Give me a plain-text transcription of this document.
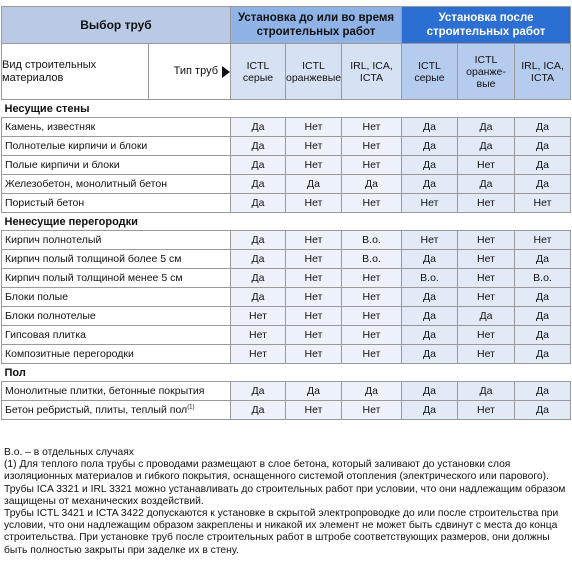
Выбор труб		Установка до или во время строительных работ			Установка после строительных работ		
Вид строительных материалов	Тип труб	ICTL серые	ICTL оранжевые	IRL, ICA, ICTA	ICTL серые	ICTL оранже-вые	IRL, ICA, ICTA
Несущие стены							
Камень, известняк		Да	Нет	Нет	Да	Да	Да
Полнотелые кирпичи и блоки		Да	Нет	Нет	Да	Да	Да
Полые кирпичи и блоки		Да	Нет	Нет	Да	Нет	Да
Железобетон, монолитный бетон		Да	Да	Да	Да	Да	Да
Пористый бетон		Да	Нет	Нет	Нет	Нет	Нет
Ненесущие перегородки							
Кирпич полнотелый		Да	Нет	В.о.	Нет	Нет	Нет
Кирпич полый толщиной более 5 см		Да	Нет	В.о.	Да	Нет	Да
Кирпич полый толщиной менее 5 см		Да	Нет	Нет	В.о.	Нет	В.о.
Блоки полые		Да	Нет	Нет	Да	Нет	Да
Блоки полнотелые		Нет	Нет	Нет	Да	Да	Да
Гипсовая плитка		Нет	Нет	Нет	Да	Нет	Да
Композитные перегородки		Нет	Нет	Нет	Да	Нет	Да
Пол							
Монолитные плитки, бетонные покрытия		Да	Да	Да	Да	Да	Да
Бетон ребристый, плиты, теплый пол$^{(1)}$		Да	Нет	Нет	Да	Нет	Да

В.о. – в отдельных случаях

(1) Для теплого пола трубы с проводами размещают в слое бетона, который заливают до установки слоя изоляционных материалов и гибкого покрытия, оснащенного системой отопления (электрического или парового).

Трубы ICA 3321 и IRL 3321 можно устанавливать до строительных работ при условии, что они надлежащим образом защищены от механических воздействий.

Трубы ICTL 3421 и ICTA 3422 допускаются к установке в скрытой электропроводке до или после строительства при условии, что они надлежащим образом закреплены и никакой их элемент не может быть сдвинут с места до конца строительства. При установке труб после строительных работ в штробе соответствующих размеров, они должны быть полностью закрыты при заделке их в стену.
